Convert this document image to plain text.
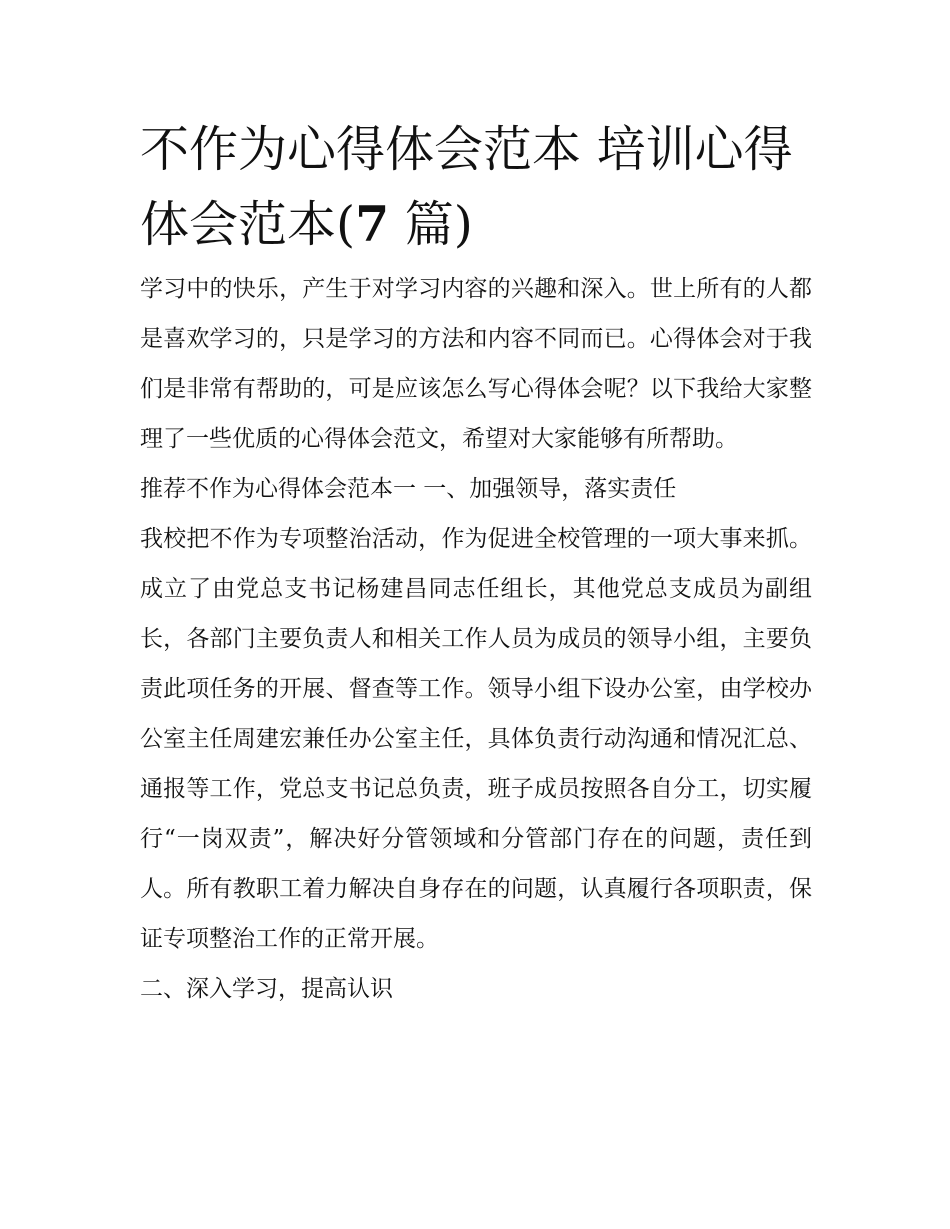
不作为心得体会范本 培训心得体会范本(7 篇)

学习中的快乐，产生于对学习内容的兴趣和深入。世上所有的人都是喜欢学习的，只是学习的方法和内容不同而已。心得体会对于我们是非常有帮助的，可是应该怎么写心得体会呢？以下我给大家整理了一些优质的心得体会范文，希望对大家能够有所帮助。

推荐不作为心得体会范本一 一、加强领导，落实责任

我校把不作为专项整治活动，作为促进全校管理的一项大事来抓。成立了由党总支书记杨建昌同志任组长，其他党总支成员为副组长，各部门主要负责人和相关工作人员为成员的领导小组，主要负责此项任务的开展、督查等工作。领导小组下设办公室，由学校办公室主任周建宏兼任办公室主任，具体负责行动沟通和情况汇总、通报等工作，党总支书记总负责，班子成员按照各自分工，切实履行“一岗双责”，解决好分管领域和分管部门存在的问题，责任到人。所有教职工着力解决自身存在的问题，认真履行各项职责，保证专项整治工作的正常开展。

二、深入学习，提高认识
